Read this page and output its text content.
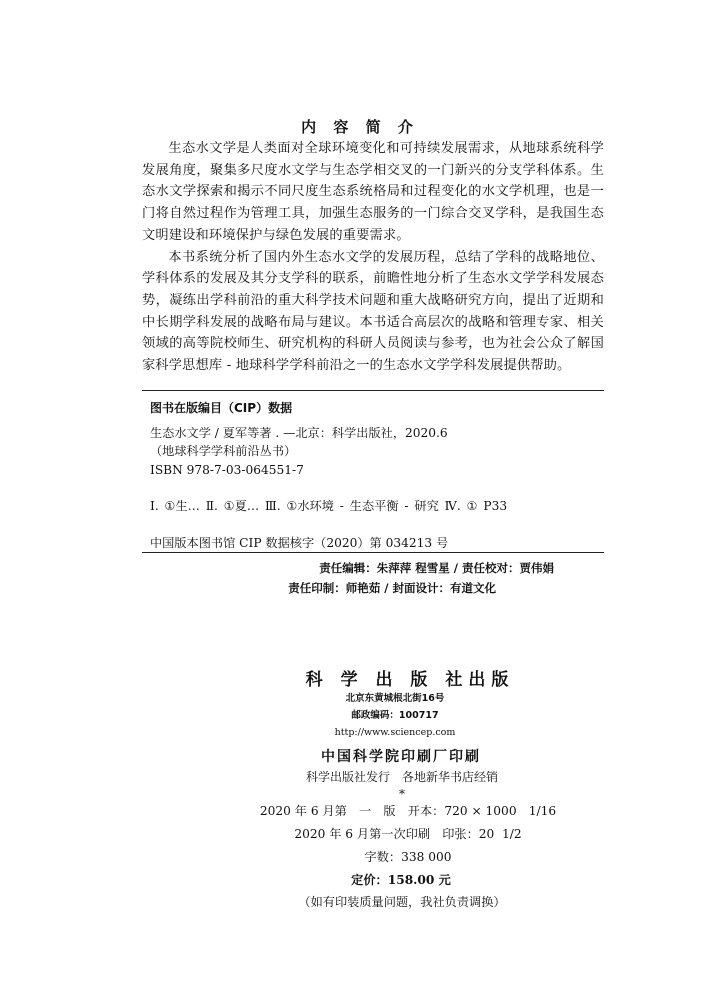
内 容 简 介

生态水文学是人类面对全球环境变化和可持续发展需求，从地球系统科学发展角度，聚集多尺度水文学与生态学相交叉的一门新兴的分支学科体系。生态水文学探索和揭示不同尺度生态系统格局和过程变化的水文学机理，也是一门将自然过程作为管理工具，加强生态服务的一门综合交叉学科，是我国生态文明建设和环境保护与绿色发展的重要需求。

本书系统分析了国内外生态水文学的发展历程，总结了学科的战略地位、学科体系的发展及其分支学科的联系，前瞻性地分析了生态水文学学科发展态势，凝练出学科前沿的重大科学技术问题和重大战略研究方向，提出了近期和中长期学科发展的战略布局与建议。本书适合高层次的战略和管理专家、相关领域的高等院校师生、研究机构的科研人员阅读与参考，也为社会公众了解国家科学思想库 - 地球科学学科前沿之一的生态水文学学科发展提供帮助。

图书在版编目（CIP）数据
生态水文学 / 夏军等著 . —北京：科学出版社，2020.6
（地球科学学科前沿丛书）
ISBN 978-7-03-064551-7
Ⅰ. ①生… Ⅱ. ①夏… Ⅲ. ①水环境 - 生态平衡 - 研究 Ⅳ. ① P33
中国版本图书馆 CIP 数据核字（2020）第 034213 号
责任编辑：朱萍萍 程雪星 / 责任校对：贾伟娟
责任印制：师艳茹 / 封面设计：有道文化
科 学 出 版 社出版
北京东黄城根北街16号
邮政编码：100717
http://www.sciencep.com
中国科学院印刷厂印刷
科学出版社发行　各地新华书店经销
*
2020 年 6 月第　一　版　开本：720 × 1000　1/16
2020 年 6 月第一次印刷　印张：20  1/2
字数：338 000
定价：158.00 元
（如有印装质量问题，我社负责调换）
